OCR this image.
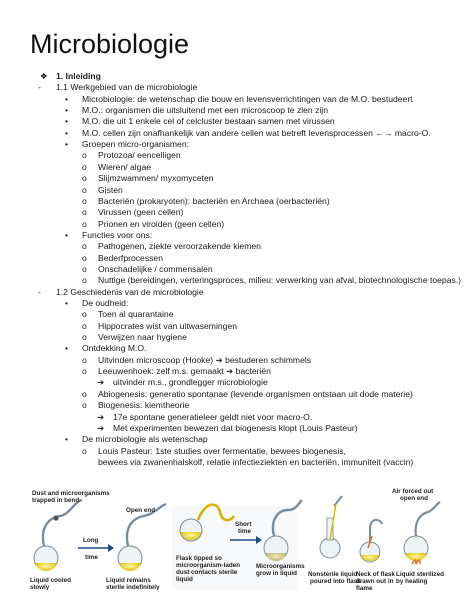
Microbiologie
❖ 1. Inleiding
- 1.1 Werkgebied van de microbiologie
• Microbiologie: de wetenschap die bouw en levensverrichtingen van de M.O. bestudeert
• M.O.: organismen die uitsluitend met een microscoop te zien zijn
• M.O. die uit 1 enkele cel of celcluster bestaan samen met virussen
• M.O. cellen zijn onafhankelijk van andere cellen wat betreft levensprocessen ←→ macro-O.
• Groepen micro-organismen:
o Protozoa/ eencelligen
o Wieren/ algae
o Slijmzwammen/ myxomyceten
o Gisten
o Bacteriën (prokaryoten): bacteriën en Archaea (oerbacteriën)
o Virussen (geen cellen)
o Prionen en viroiden (geen cellen)
• Functies voor ons:
o Pathogenen, ziekte veroorzakende kiemen
o Bederfprocessen
o Onschadelijke / commensalen
o Nuttige (bereidingen, verteringsproces, milieu: verwerking van afval, biotechnologische toepas.)
- 1.2 Geschiedenis van de microbiologie
• De oudheid:
o Toen al quarantaine
o Hippocrates wist van uitwasemingen
o Verwijzen naar hygiene
• Ontdekking M.O.
o Uitvinden microscoop (Hooke) ➔ bestuderen schimmels
o Leeuwenhoek: zelf m.s. gemaakt ➔ bacteriën
➔ uitvinder m.s., grondlegger microbiologie
o Abiogenesis: generatio spontanae (levende organismen ontstaan uit dode materie)
o Biogenesis: kiemtheorie
➔ 17e spontane generatieleer geldt niet voor macro-O.
➔ Met experimenten bewezen dat biogenesis klopt (Louis Pasteur)
• De microbiologie als wetenschap
o Louis Pasteur: 1ste studies over fermentatie, bewees biogenesis,
bewees via zwanenhalskolf, relatie infectieziekten en bacteriën, immuniteit (vaccin)
Dust and microorganisms
trapped in bend
Open end
Long
time
Liquid cooled
slowly
Liquid remains
sterile indefinitely
Short
time
Flask tipped so
microorganism-laden
dust contacts sterile
liquid
Microorganisms
grow in liquid
Air forced out
open end
Nonsterile liquid
poured into flask
Neck of flask
drawn out in
flame
Liquid sterilized
by heating
